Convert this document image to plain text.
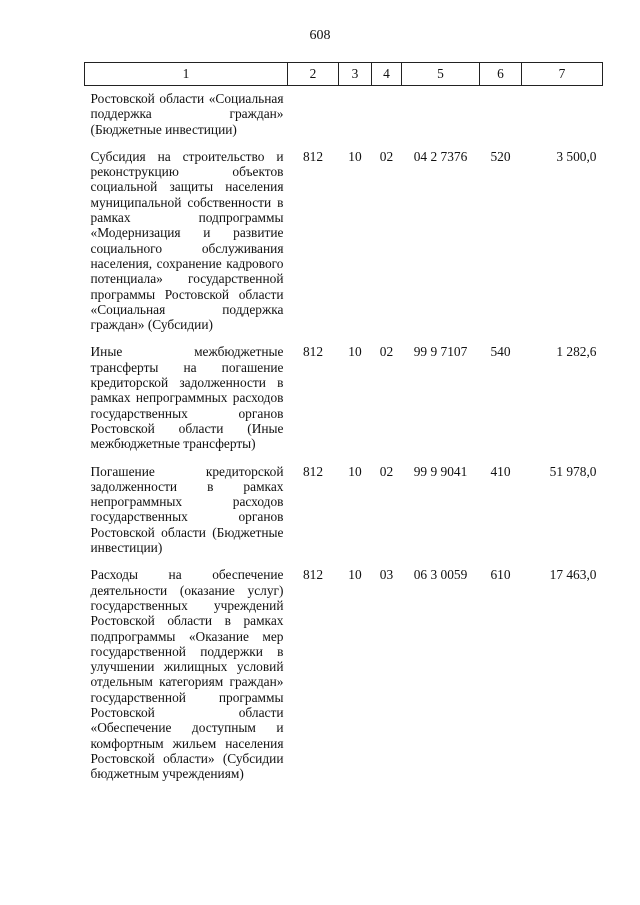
608
1	2	3	4	5	6	7
Ростовской области «Социальная поддержка граждан» (Бюджетные инвестиции)						
Субсидия на строительство и реконструкцию объектов социальной защиты населения муниципальной собственности в рамках подпрограммы «Модернизация и развитие социального обслуживания населения, сохранение кадрового потенциала» государственной программы Ростовской области «Социальная поддержка граждан» (Субсидии)	812	10	02	04 2 7376	520	3 500,0
Иные межбюджетные трансферты на погашение кредиторской задолженности в рамках непрограммных расходов государственных органов Ростовской области (Иные межбюджетные трансферты)	812	10	02	99 9 7107	540	1 282,6
Погашение кредиторской задолженности в рамках непрограммных расходов государственных органов Ростовской области (Бюджетные инвестиции)	812	10	02	99 9 9041	410	51 978,0
Расходы на обеспечение деятельности (оказание услуг) государственных учреждений Ростовской области в рамках подпрограммы «Оказание мер государственной поддержки в улучшении жилищных условий отдельным категориям граждан» государственной программы Ростовской области «Обеспечение доступным и комфортным жильем населения Ростовской области» (Субсидии бюджетным учреждениям)	812	10	03	06 3 0059	610	17 463,0
